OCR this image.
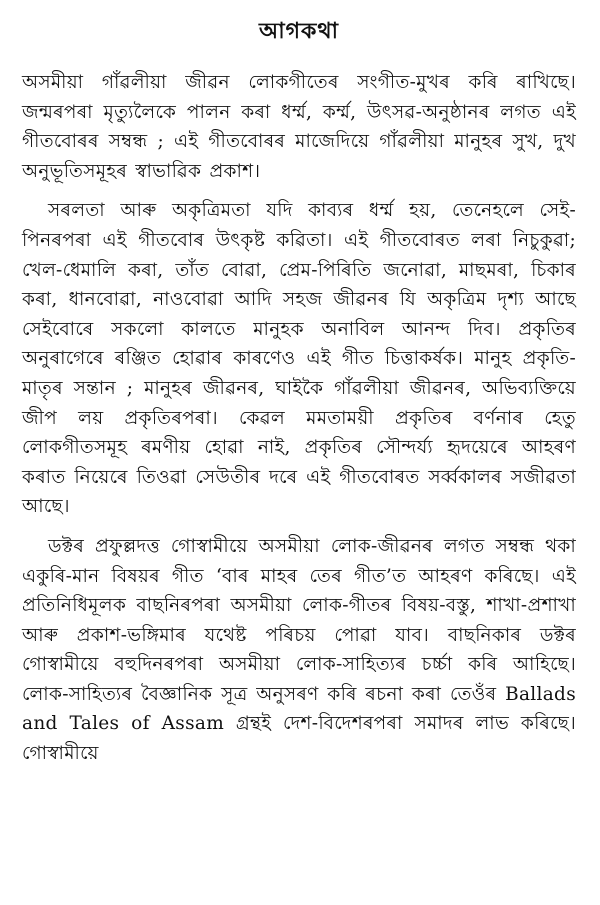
আগকথা

অসমীয়া গাঁৱলীয়া জীৱন লোকগীতেৰ সংগীত-মুখৰ কৰি ৰাখিছে। জন্মৰপৰা মৃত্যুলৈকে পালন কৰা ধৰ্ম্ম, কৰ্ম্ম, উৎসৱ-অনুষ্ঠানৰ লগত এই গীতবোৰৰ সম্বন্ধ ; এই গীতবোৰৰ মাজেদিয়ে গাঁৱলীয়া মানুহৰ সুখ, দুখ অনুভূতিসমূহৰ স্বাভাৱিক প্ৰকাশ।

সৰলতা আৰু অকৃত্ৰিমতা যদি কাব্যৰ ধৰ্ম্ম হয়, তেনেহলে সেই-পিনৰপৰা এই গীতবোৰ উৎকৃষ্ট কৱিতা। এই গীতবোৰত লৰা নিচুকুৱা; খেল-ধেমালি কৰা, তাঁত বোৱা, প্ৰেম-পিৰিতি জনোৱা, মাছমৰা, চিকাৰ কৰা, ধানবোৱা, নাওবোৱা আদি সহজ জীৱনৰ যি অকৃত্ৰিম দৃশ্য আছে সেইবোৰে সকলো কালতে মানুহক অনাবিল আনন্দ দিব। প্ৰকৃতিৰ অনুৰাগেৰে ৰঞ্জিত হোৱাৰ কাৰণেও এই গীত চিত্তাকৰ্ষক। মানুহ প্ৰকৃতি-মাতৃৰ সন্তান ; মানুহৰ জীৱনৰ, ঘাইকৈ গাঁৱলীয়া জীৱনৰ, অভিব্যক্তিয়ে জীপ লয় প্ৰকৃতিৰপৰা। কেৱল মমতাময়ী প্ৰকৃতিৰ বৰ্ণনাৰ হেতু লোকগীতসমূহ ৰমণীয় হোৱা নাই, প্ৰকৃতিৰ সৌন্দৰ্য্য হৃদয়েৰে আহৰণ কৰাত নিয়েৰে তিওৱা সেউতীৰ দৰে এই গীতবোৰত সৰ্ব্বকালৰ সজীৱতা আছে।

ডক্টৰ প্ৰফুল্লদত্ত গোস্বামীয়ে অসমীয়া লোক-জীৱনৰ লগত সম্বন্ধ থকা একুৰি-মান বিষয়ৰ গীত ‘বাৰ মাহৰ তেৰ গীত’ত আহৰণ কৰিছে। এই প্ৰতিনিধিমূলক বাছনিৰপৰা অসমীয়া লোক-গীতৰ বিষয়-বস্তু, শাখা-প্ৰশাখা আৰু প্ৰকাশ-ভঙ্গিমাৰ যথেষ্ট পৰিচয় পোৱা যাব। বাছনিকাৰ ডক্টৰ গোস্বামীয়ে বহুদিনৰপৰা অসমীয়া লোক-সাহিত্যৰ চৰ্চ্চা কৰি আহিছে। লোক-সাহিত্যৰ বৈজ্ঞানিক সূত্ৰ অনুসৰণ কৰি ৰচনা কৰা তেওঁৰ Ballads and Tales of Assam গ্ৰন্থই দেশ-বিদেশৰপৰা সমাদৰ লাভ কৰিছে। গোস্বামীয়ে
